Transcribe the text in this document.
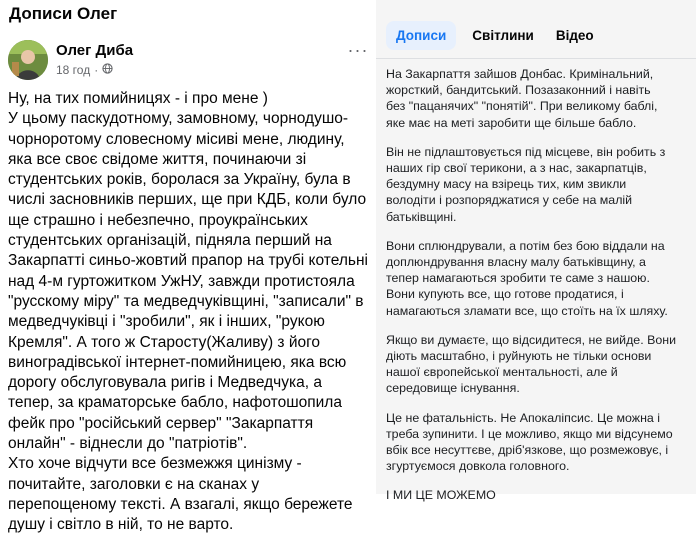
Дописи Олег
Олег Диба
18 год ·
···
Ну, на тих помийницях - і про мене )
У цьому паскудотному, замовному, чорнодушо-
чорноротому словесному місиві мене, людину,
яка все своє свідоме життя, починаючи зі
студентських років, боролася за Україну, була в
числі засновників перших, ще при КДБ, коли було
ще страшно і небезпечно, проукраїнських
студентських організацій, підняла перший на
Закарпатті синьо-жовтий прапор на трубі котельні
над 4-м гуртожитком УжНУ, завжди протистояла
"русскому міру" та медведчуківщині, "записали" в
медведчуківці і "зробили", як і інших, "рукою
Кремля". А того ж Старосту(Жаливу) з його
виноградівської інтернет-помийницею, яка всю
дорогу обслуговувала ригів і Медведчука, а
тепер, за краматорське бабло, нафотошопила
фейк про "російський сервер" "Закарпаття
онлайн" - віднесли до "патріотів".
Хто хоче відчути все безмежжя цинізму -
почитайте, заголовки є на сканах у
перепощеному тексті. А взагалі, якщо бережете
душу і світло в ній, то не варто.
Дописи	Світлини	Відео
На Закарпаття зайшов Донбас. Кримінальний,
жорсткий, бандитський. Позазаконний і навіть
без "пацанячих" "понятій". При великому баблі,
яке має на меті заробити ще більше бабло.
Він не підлаштовується під місцеве, він робить з
наших гір свої терикони, а з нас, закарпатців,
бездумну масу на взірець тих, ким звикли
володіти і розпоряджатися у себе на малій
батьківщині.
Вони сплюндрували, а потім без бою віддали на
доплюндрування власну малу батьківщину, а
тепер намагаються зробити те саме з нашою.
Вони купують все, що готове продатися, і
намагаються зламати все, що стоїть на їх шляху.
Якщо ви думаєте, що відсидитеся, не вийде. Вони
діють масштабно, і руйнують не тільки основи
нашої європейської ментальності, але й
середовище існування.
Це не фатальність. Не Апокаліпсис. Це можна і
треба зупинити. І це можливо, якщо ми відсунемо
вбік все несуттєве, дріб'язкове, що розмежовує, і
згуртуємося довкола головного.
І МИ ЦЕ МОЖЕМО
